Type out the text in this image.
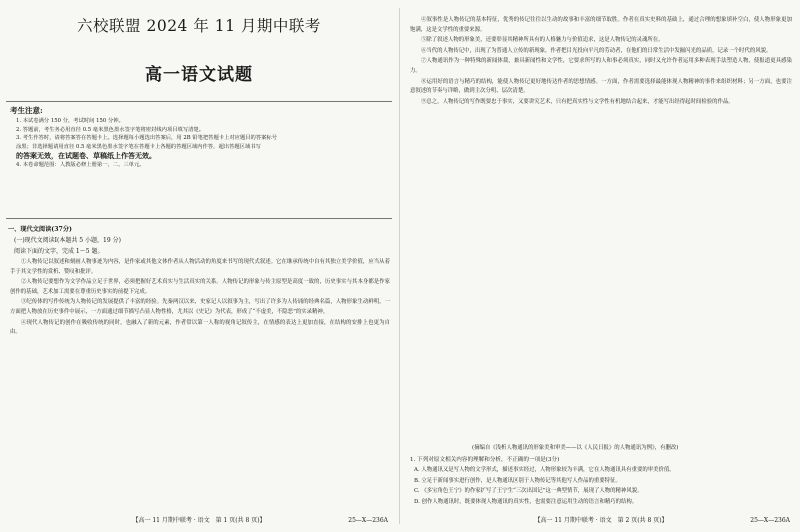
六校联盟 2024 年 11 月期中联考
高一语文试题
考生注意:
1. 本试卷满分 150 分，考试时间 150 分钟。
2. 答题前，考生务必用直径 0.5 毫米黑色墨水签字笔将密封线内项目填写清楚。
3. 考生作答时，请将答案答在答题卡上。选择题每小题选出答案后，用 2B 铅笔把答题卡上对应题目的答案标号
涂黑；非选择题请用直径 0.5 毫米黑色墨水签字笔在答题卡上各题的答题区域内作答，超出答题区域书写
的答案无效，在试题卷、草稿纸上作答无效。
4. 本卷命题范围：人教版必修上册第一、二、三单元。
一、现代文阅读(37分)
(一)现代文阅读Ⅰ(本题共 5 小题，19 分)
阅读下面的文字，完成 1～5 题。

①人物传记以叙述和刻画人物事迹为内容，是作家或其他文体作者从人物活动的角度来书写的现代式叙述。它在继承传统中自有其独立美学价值，应当从着手于其文学性的赏析、赞叹和批评。

②人物传记要想作为文学作品立足于世界，必须把握好艺术真实与生活真实的关系。人物传记的形象与传主原型是高度一致的，历史事实与其本身都是作家创作的基础，艺术加工需要在尊重历史事实的前提下完成。

③纪传体的写作传统为人物传记的发展提供了丰富的经验。先秦两汉以来，史家记人以叙事为主，写出了许多为人传诵的经典名篇，人物形象生动鲜明，一方面把人物放在历史事件中展示，一方面通过细节描写凸显人物性格，尤其以《史记》为代表，形成了“不虚美，不隐恶”的实录精神。

④现代人物传记的创作在吸收传统的同时，也融入了新的元素，作者常以第一人称的视角记叙传主，在情感的表达上更加直接，在结构的安排上也更为自由。

【高一 11 月期中联考 · 语文　第 1 页(共 8 页)】	25—X—236A

④叙事性是人物传记的基本特征，优秀的传记往往以生动的故事和丰富的细节取胜。作者在真实史料的基础上，通过合理的想象填补空白，使人物形象更加饱满，这是文学性的重要来源。

⑤除了叙述人物的形象美，还要彰显其精神所具有的人格魅力与价值追求，这是人物传记的灵魂所在。

⑥当代的人物传记中，出现了为普通人立传的新现象，作者把目光投向平凡的劳动者，在他们的日常生活中发掘闪光的品质，记录一个时代的风貌。

⑦人物通讯作为一种特殊的新闻体裁，兼具新闻性和文学性，它要求所写的人和事必须真实，同时又允许作者运用多种表现手法塑造人物，使报道更具感染力。

⑧运用好的语言与精巧的结构，能使人物传记更好地传达作者的思想情感。一方面，作者需要选择最能体现人物精神的事件来组织材料；另一方面，也要注意叙述的节奏与详略，做到主次分明、层次清楚。

⑨总之，人物传记的写作既要忠于事实，又要讲究艺术，只有把真实性与文学性有机地结合起来，才能写出经得起时间检验的作品。

(摘编自《浅析人物通讯的形象美和审美——以《人民日报》的人物通讯为例》，有删改)
1. 下列对原文相关内容的理解和分析，不正确的一项是(3分)
A. 人物通讯又是写人物的文学形式，描述事实经过，人物形象较为丰满，它在人物通讯具有重要的审美价值。
B. 立足于新闻事实进行创作，是人物通讯区别于人物传记等其他写人作品的重要特征。
C. 《多宝角色王宁》的作家扩写了王宁生“三次出国记”这一典型情节，展现了人物的精神风貌。
D. 创作人物通讯时，既要体现人物通讯的真实性，也需要注意运用生动的语言和精巧的结构。
【高一 11 月期中联考 · 语文　第 2 页(共 8 页)】	25—X—236A
